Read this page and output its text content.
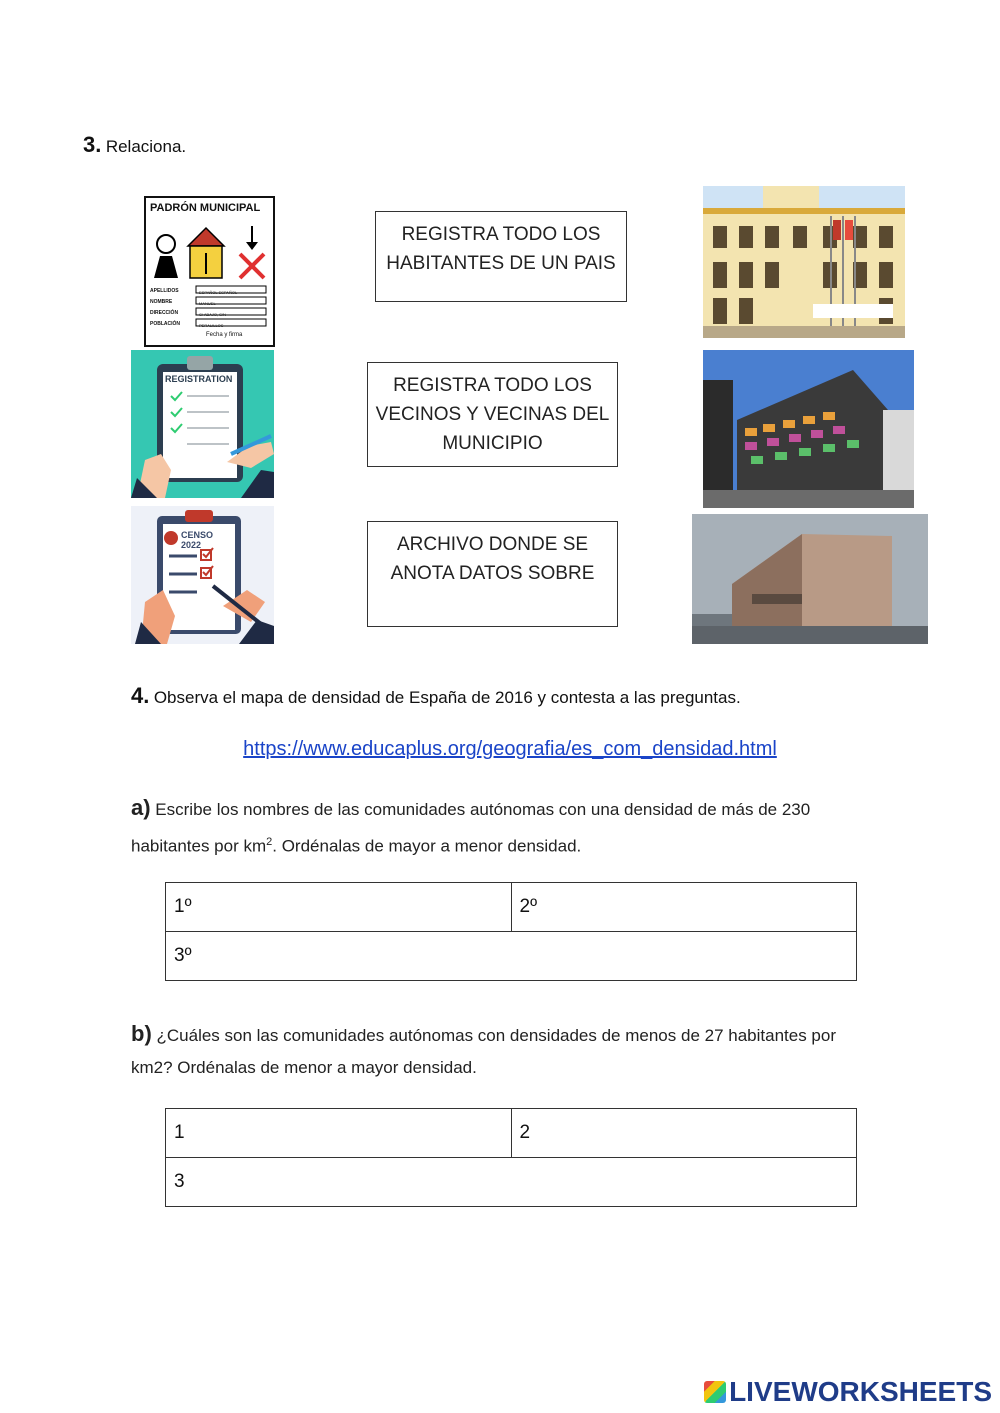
3. Relaciona.
PADRÓN MUNICIPAL
APELLIDOS
NOMBRE
DIRECCIÓN
POBLACIÓN
ESPAÑOL ESPAÑOL
MANUEL
C/ ABAJO, S/N
PERALILLOS
Fecha y firma
REGISTRATION
CENSO 2022
REGISTRA TODO LOS HABITANTES DE UN PAIS
REGISTRA TODO LOS VECINOS Y VECINAS DEL MUNICIPIO
ARCHIVO DONDE SE ANOTA DATOS SOBRE
4. Observa el mapa de densidad de España de 2016 y contesta a las preguntas.
https://www.educaplus.org/geografia/es_com_densidad.html
a) Escribe los nombres de las comunidades autónomas con una densidad de más de 230 habitantes por $km^2$. Ordénalas de mayor a menor densidad.
1º	2º
3º
b) ¿Cuáles son las comunidades autónomas con densidades de menos de 27 habitantes por km2? Ordénalas de menor a mayor densidad.
1	2
3
LIVEWORKSHEETS
